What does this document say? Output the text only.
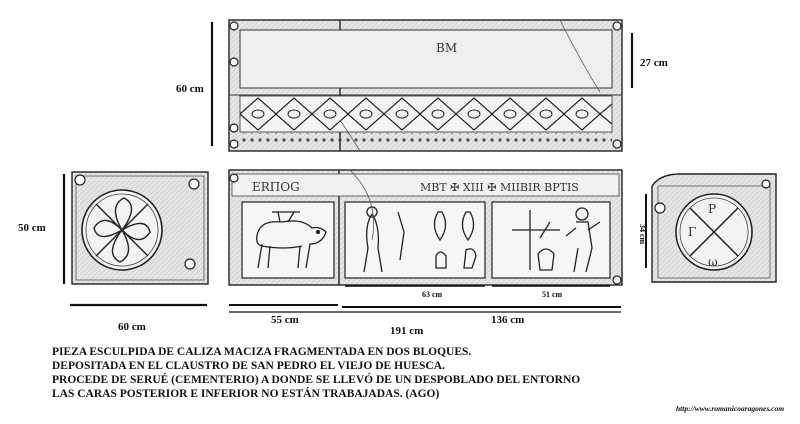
BM
60 cm
27 cm
50 cm
60 cm
ERΠΟG	MBT ✠ XIII ✠ MIIBIR BPTIS
55 cm	136 cm
191 cm
63 cm	51 cm
P
Γ
ω
34 cm
PIEZA ESCULPIDA DE CALIZA MACIZA FRAGMENTADA EN DOS BLOQUES.
DEPOSITADA EN EL CLAUSTRO DE SAN PEDRO EL VIEJO DE HUESCA.
PROCEDE DE SERUÉ (CEMENTERIO) A DONDE SE LLEVÓ DE UN DESPOBLADO DEL ENTORNO
LAS CARAS POSTERIOR E INFERIOR NO ESTÁN TRABAJADAS. (AGO)
http://www.romanicoaragones.com
